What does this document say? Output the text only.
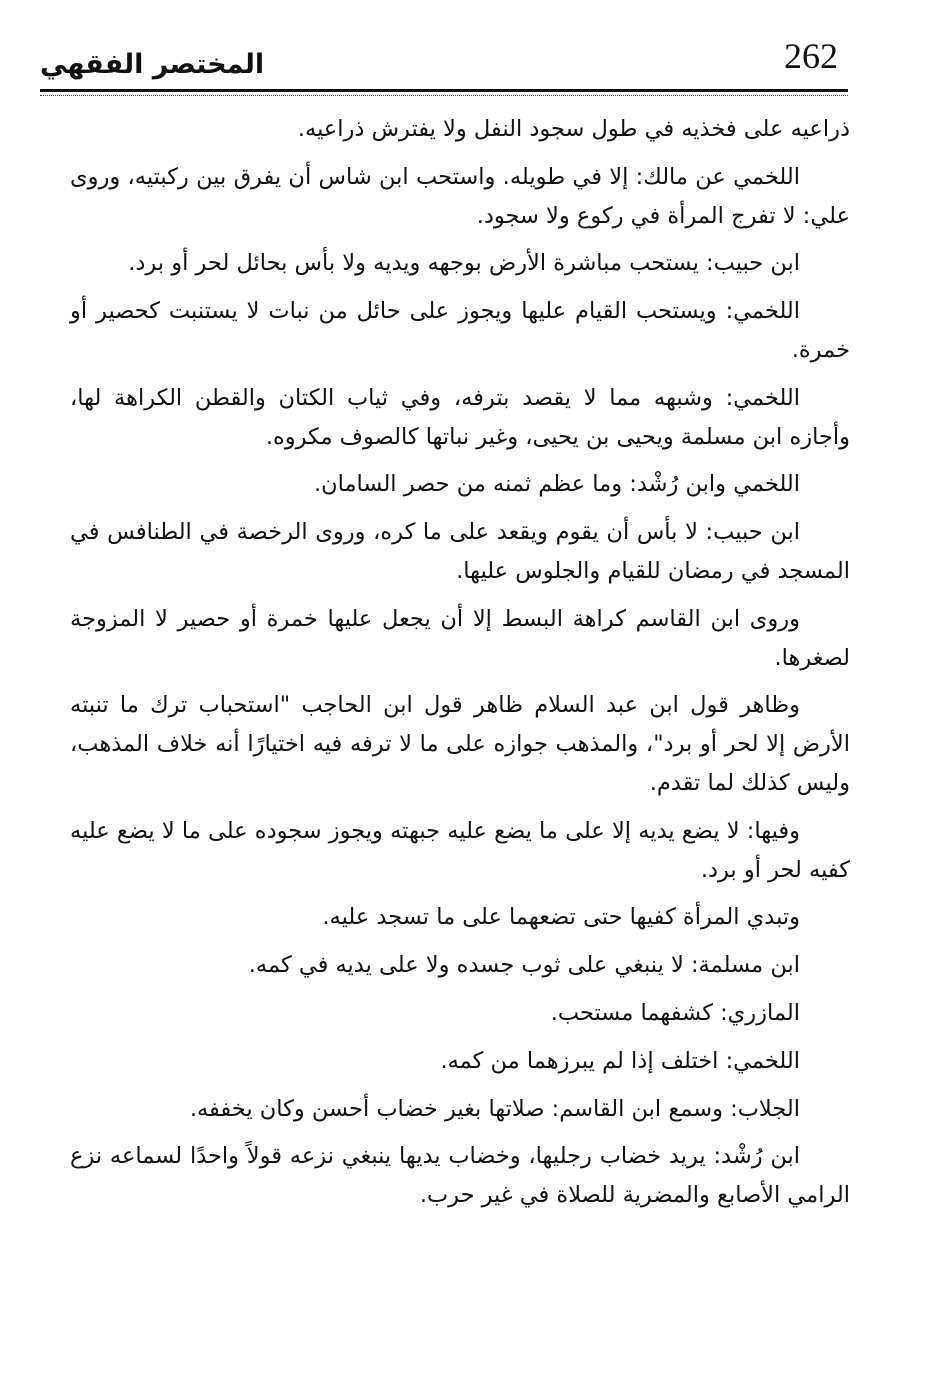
262
المختصر الفقهي

ذراعيه على فخذيه في طول سجود النفل ولا يفترش ذراعيه.

اللخمي عن مالك: إلا في طويله. واستحب ابن شاس أن يفرق بين ركبتيه، وروى علي: لا تفرج المرأة في ركوع ولا سجود.

ابن حبيب: يستحب مباشرة الأرض بوجهه ويديه ولا بأس بحائل لحر أو برد.

اللخمي: ويستحب القيام عليها ويجوز على حائل من نبات لا يستنبت كحصير أو خمرة.

اللخمي: وشبهه مما لا يقصد بترفه، وفي ثياب الكتان والقطن الكراهة لها، وأجازه ابن مسلمة ويحيى بن يحيى، وغير نباتها كالصوف مكروه.

اللخمي وابن رُشْد: وما عظم ثمنه من حصر السامان.

ابن حبيب: لا بأس أن يقوم ويقعد على ما كره، وروى الرخصة في الطنافس في المسجد في رمضان للقيام والجلوس عليها.

وروى ابن القاسم كراهة البسط إلا أن يجعل عليها خمرة أو حصير لا المزوجة لصغرها.

وظاهر قول ابن عبد السلام ظاهر قول ابن الحاجب "استحباب ترك ما تنبته الأرض إلا لحر أو برد"، والمذهب جوازه على ما لا ترفه فيه اختيارًا أنه خلاف المذهب، وليس كذلك لما تقدم.

وفيها: لا يضع يديه إلا على ما يضع عليه جبهته ويجوز سجوده على ما لا يضع عليه كفيه لحر أو برد.

وتبدي المرأة كفيها حتى تضعهما على ما تسجد عليه.

ابن مسلمة: لا ينبغي على ثوب جسده ولا على يديه في كمه.

المازري: كشفهما مستحب.

اللخمي: اختلف إذا لم يبرزهما من كمه.

الجلاب: وسمع ابن القاسم: صلاتها بغير خضاب أحسن وكان يخففه.

ابن رُشْد: يريد خضاب رجليها، وخضاب يديها ينبغي نزعه قولاً واحدًا لسماعه نزع الرامي الأصابع والمضرية للصلاة في غير حرب.
